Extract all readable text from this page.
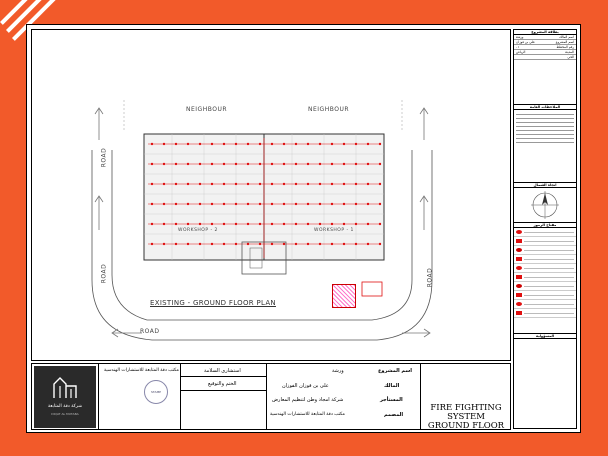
NEIGHBOUR	NEIGHBOUR
ROAD
ROAD	ROAD
ROAD
WORKSHOP - 2	WORKSHOP - 1
EXISTING - GROUND FLOOR PLAN
بطاقة المشروع
ورشة	اسم المالك
علي بن فوزان	اسم المشروع
٠١	رقم المخطط
الرياض	المدينة
الحي
الملاحظات العامة
اتجاه الشمال
مفتاح الرموز
المسؤولية
شركة دقة المتابعة
DIQAT AL MUTABA
مكتب دقة المتابعة للاستشارات الهندسية
STAMP
استشارى السلامة
الختم والتوقيع
اسم المشروع
ورشة
المالك
على بن فوزان الفوزان
المستأجر
شركة امجاد وطن لتنظيم المعارض
المصمم
مكتب دقة المتابعة للاستشارات الهندسية
FIRE FIGHTING SYSTEM
GROUND FLOOR
